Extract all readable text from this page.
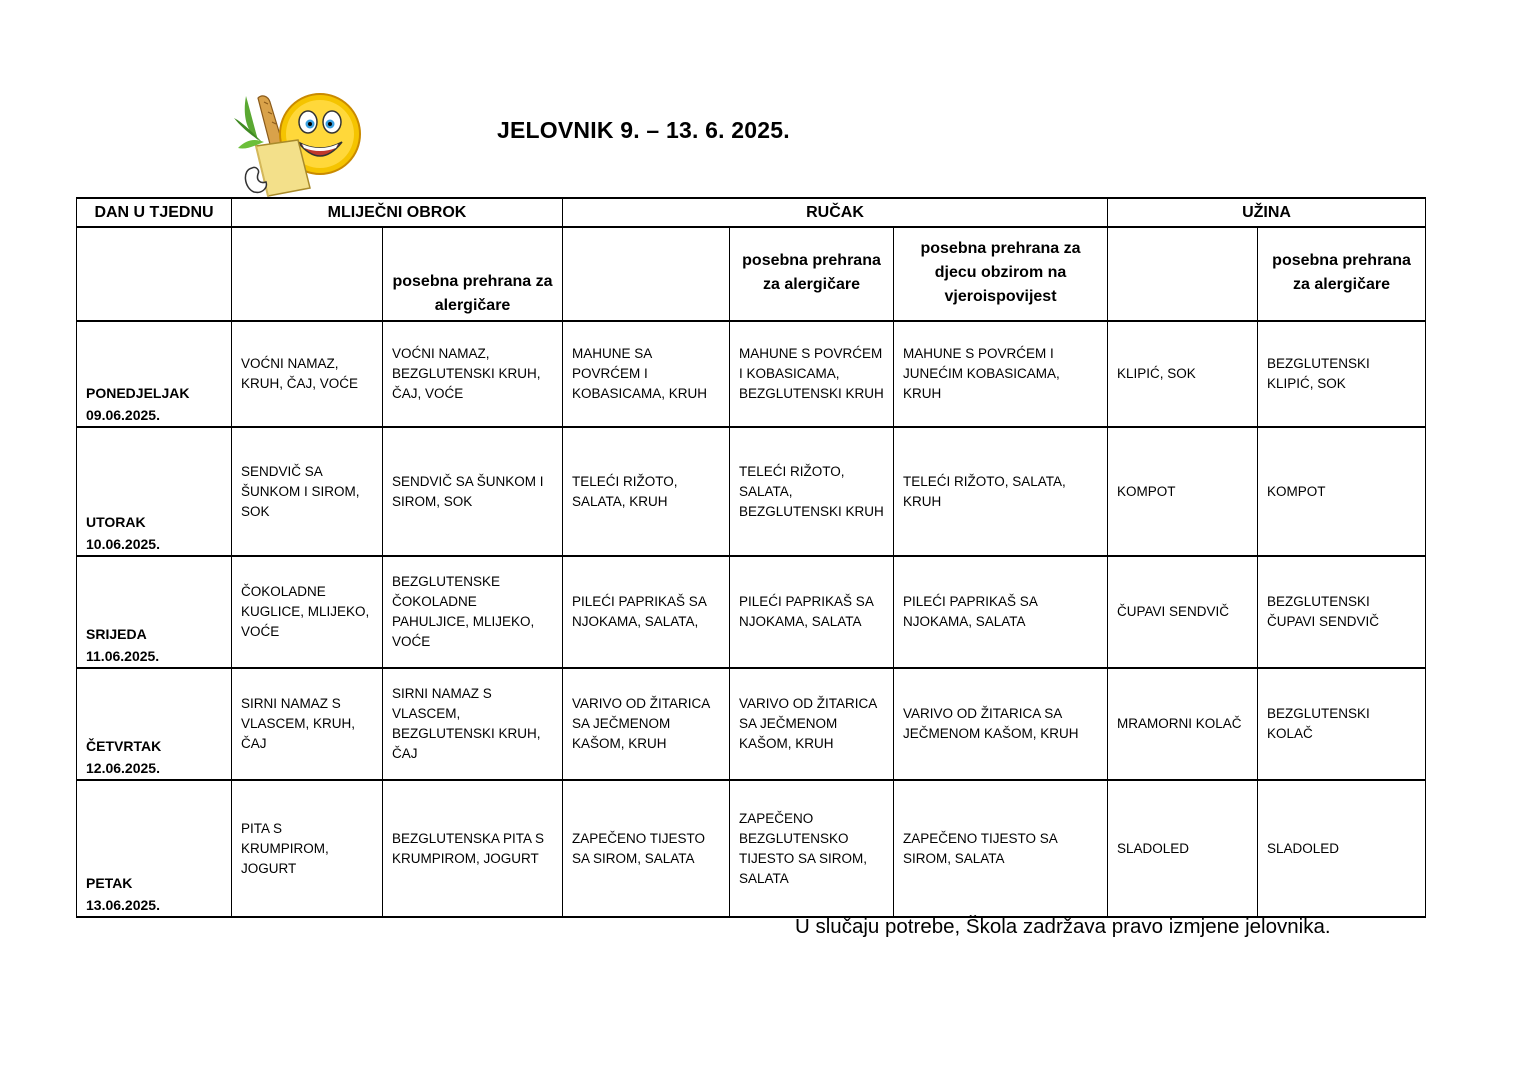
JELOVNIK 9. – 13. 6. 2025.
DAN U TJEDNU	MLIJEČNI OBROK		RUČAK			UŽINA	
		posebna prehrana za alergičare		posebna prehrana za alergičare	posebna prehrana za djecu obzirom na vjeroispovijest		posebna prehrana za alergičare
PONEDJELJAK
09.06.2025.	VOĆNI NAMAZ, KRUH, ČAJ, VOĆE	VOĆNI NAMAZ, BEZGLUTENSKI KRUH, ČAJ, VOĆE	MAHUNE SA POVRĆEM I KOBASICAMA, KRUH	MAHUNE S POVRĆEM I KOBASICAMA, BEZGLUTENSKI KRUH	MAHUNE S POVRĆEM I JUNEĆIM KOBASICAMA, KRUH	KLIPIĆ, SOK	BEZGLUTENSKI KLIPIĆ, SOK
UTORAK
10.06.2025.	SENDVIČ SA ŠUNKOM I SIROM, SOK	SENDVIČ SA ŠUNKOM I SIROM, SOK	TELEĆI RIŽOTO, SALATA, KRUH	TELEĆI RIŽOTO, SALATA, BEZGLUTENSKI KRUH	TELEĆI RIŽOTO, SALATA, KRUH	KOMPOT	KOMPOT
SRIJEDA
11.06.2025.	ČOKOLADNE KUGLICE, MLIJEKO, VOĆE	BEZGLUTENSKE ČOKOLADNE PAHULJICE, MLIJEKO, VOĆE	PILEĆI PAPRIKAŠ SA NJOKAMA, SALATA,	PILEĆI PAPRIKAŠ SA NJOKAMA, SALATA	PILEĆI PAPRIKAŠ SA NJOKAMA, SALATA	ČUPAVI SENDVIČ	BEZGLUTENSKI ČUPAVI SENDVIČ
ČETVRTAK
12.06.2025.	SIRNI NAMAZ S VLASCEM, KRUH, ČAJ	SIRNI NAMAZ S VLASCEM, BEZGLUTENSKI KRUH, ČAJ	VARIVO OD ŽITARICA SA JEČMENOM KAŠOM, KRUH	VARIVO OD ŽITARICA SA JEČMENOM KAŠOM, KRUH	VARIVO OD ŽITARICA SA JEČMENOM KAŠOM, KRUH	MRAMORNI KOLAČ	BEZGLUTENSKI KOLAČ
PETAK
13.06.2025.	PITA S KRUMPIROM, JOGURT	BEZGLUTENSKA PITA S KRUMPIROM, JOGURT	ZAPEČENO TIJESTO SA SIROM, SALATA	ZAPEČENO BEZGLUTENSKO TIJESTO SA SIROM, SALATA	ZAPEČENO TIJESTO SA SIROM, SALATA	SLADOLED	SLADOLED
U slučaju potrebe, Škola zadržava pravo izmjene jelovnika.
